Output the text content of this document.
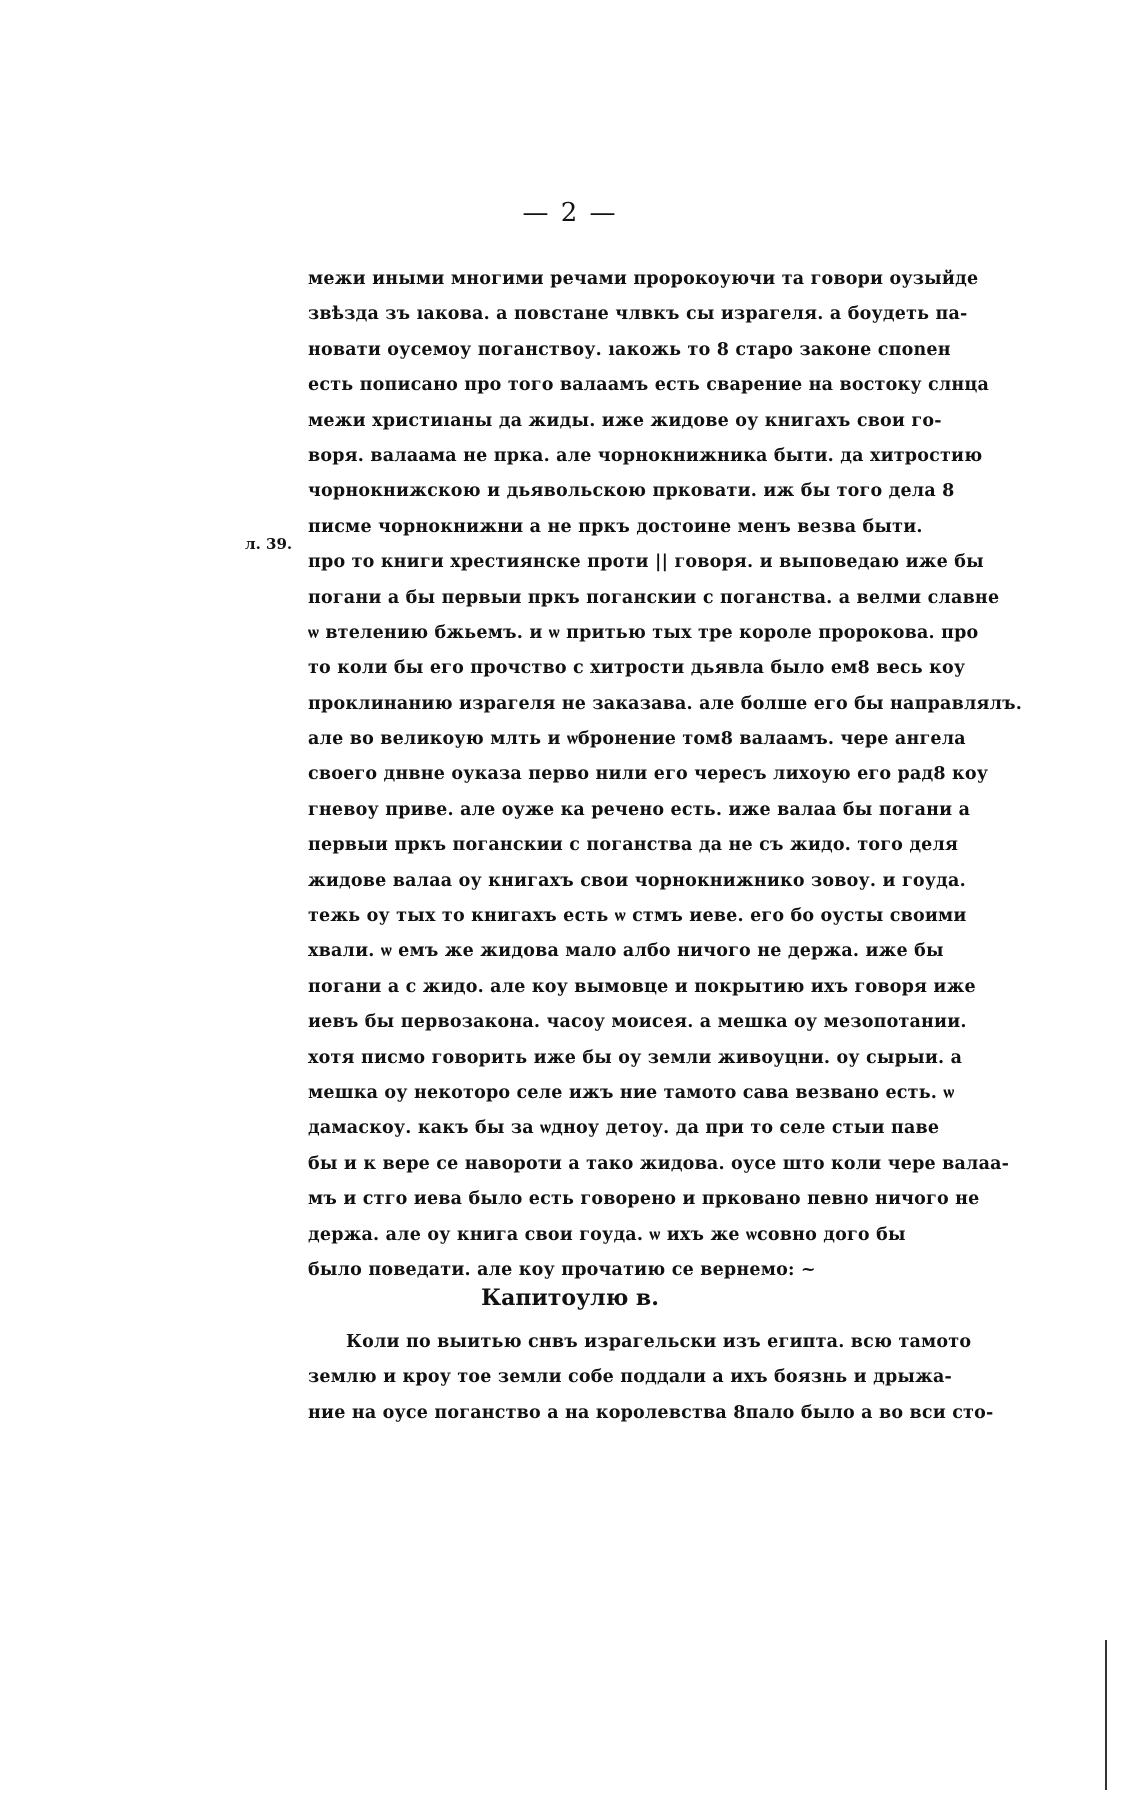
— 2 —
л. 39.
межи иными многими речами пророкоуючи та говори оузыйде
звѣзда зъ ıакова. а повстане члвкъ сы израгеля. а боудеть па-
новати оусемоу поганствоу. ıакожь то 8 старо законе споnен
есть пописано про того валаамъ есть сварение на востоку слнца
межи христиıаны да жиды. иже жидове оу книгахъ свои го-
воря. валаама не прка. але чорнокнижника быти. да хитростию
чорнокнижскою и дьявольскою прковати. иж бы того дела 8
писме чорнокнижни а не пркъ достоине менъ везва быти.
про то книги хрестиянске проти || говоря. и выповедаю иже бы
погани а бы первыи пркъ поганскии с поганства. а велми славне
ѡ втелению бжьемъ. и ѡ притью тых тре короле пророкова. про
то коли бы его прочство с хитрости дьявла было ем8 весь коу
проклинанию израгеля не заказава. але болше его бы направлялъ.
але во великоую млть и ѡбронение том8 валаамъ. чере ангела
своего днвне оуказа перво нили его чересъ лихоую его рад8 коу
гневоу приве. але оуже ка речено есть. иже валаа бы погани а
первыи пркъ поганскии с поганства да не съ жидо. того деля
жидове валаа оу книгахъ свои чорнокнижнико зовоу. и гоуда.
тежь оу тых то книгахъ есть ѡ стмъ иеве. его бо оусты своими
хвали. ѡ емъ же жидова мало албо ничого не держа. иже бы
погани а с жидо. але коу вымовце и покрытию ихъ говоря иже
иевъ бы первозакона. часоу моисея. а мешка оу мезопотании.
хотя писмо говорить иже бы оу земли живоуцни. оу сырыи. а
мешка оу некоторо селе ижъ ние тамото сава везвано есть. ѡ
дамаскоу. какъ бы за ѡдноу детоу. да при то селе стыи паве
бы и к вере се навороти а тако жидова. оусе што коли чере валаа-
мъ и стго иева было есть говорено и прковано певно ничого не
держа. але оу книга свои гоуда. ѡ ихъ же ѡсовно дого бы
было поведати. але коу прочатию се вернемо: ~
Капитоулю в.
Коли по выитью снвъ израгельски изъ египта. всю тамото
землю и кроу тое земли собе поддали а ихъ боязнь и дрыжа-
ние на оусе поганство а на королевства 8пало было а во вси сто-
